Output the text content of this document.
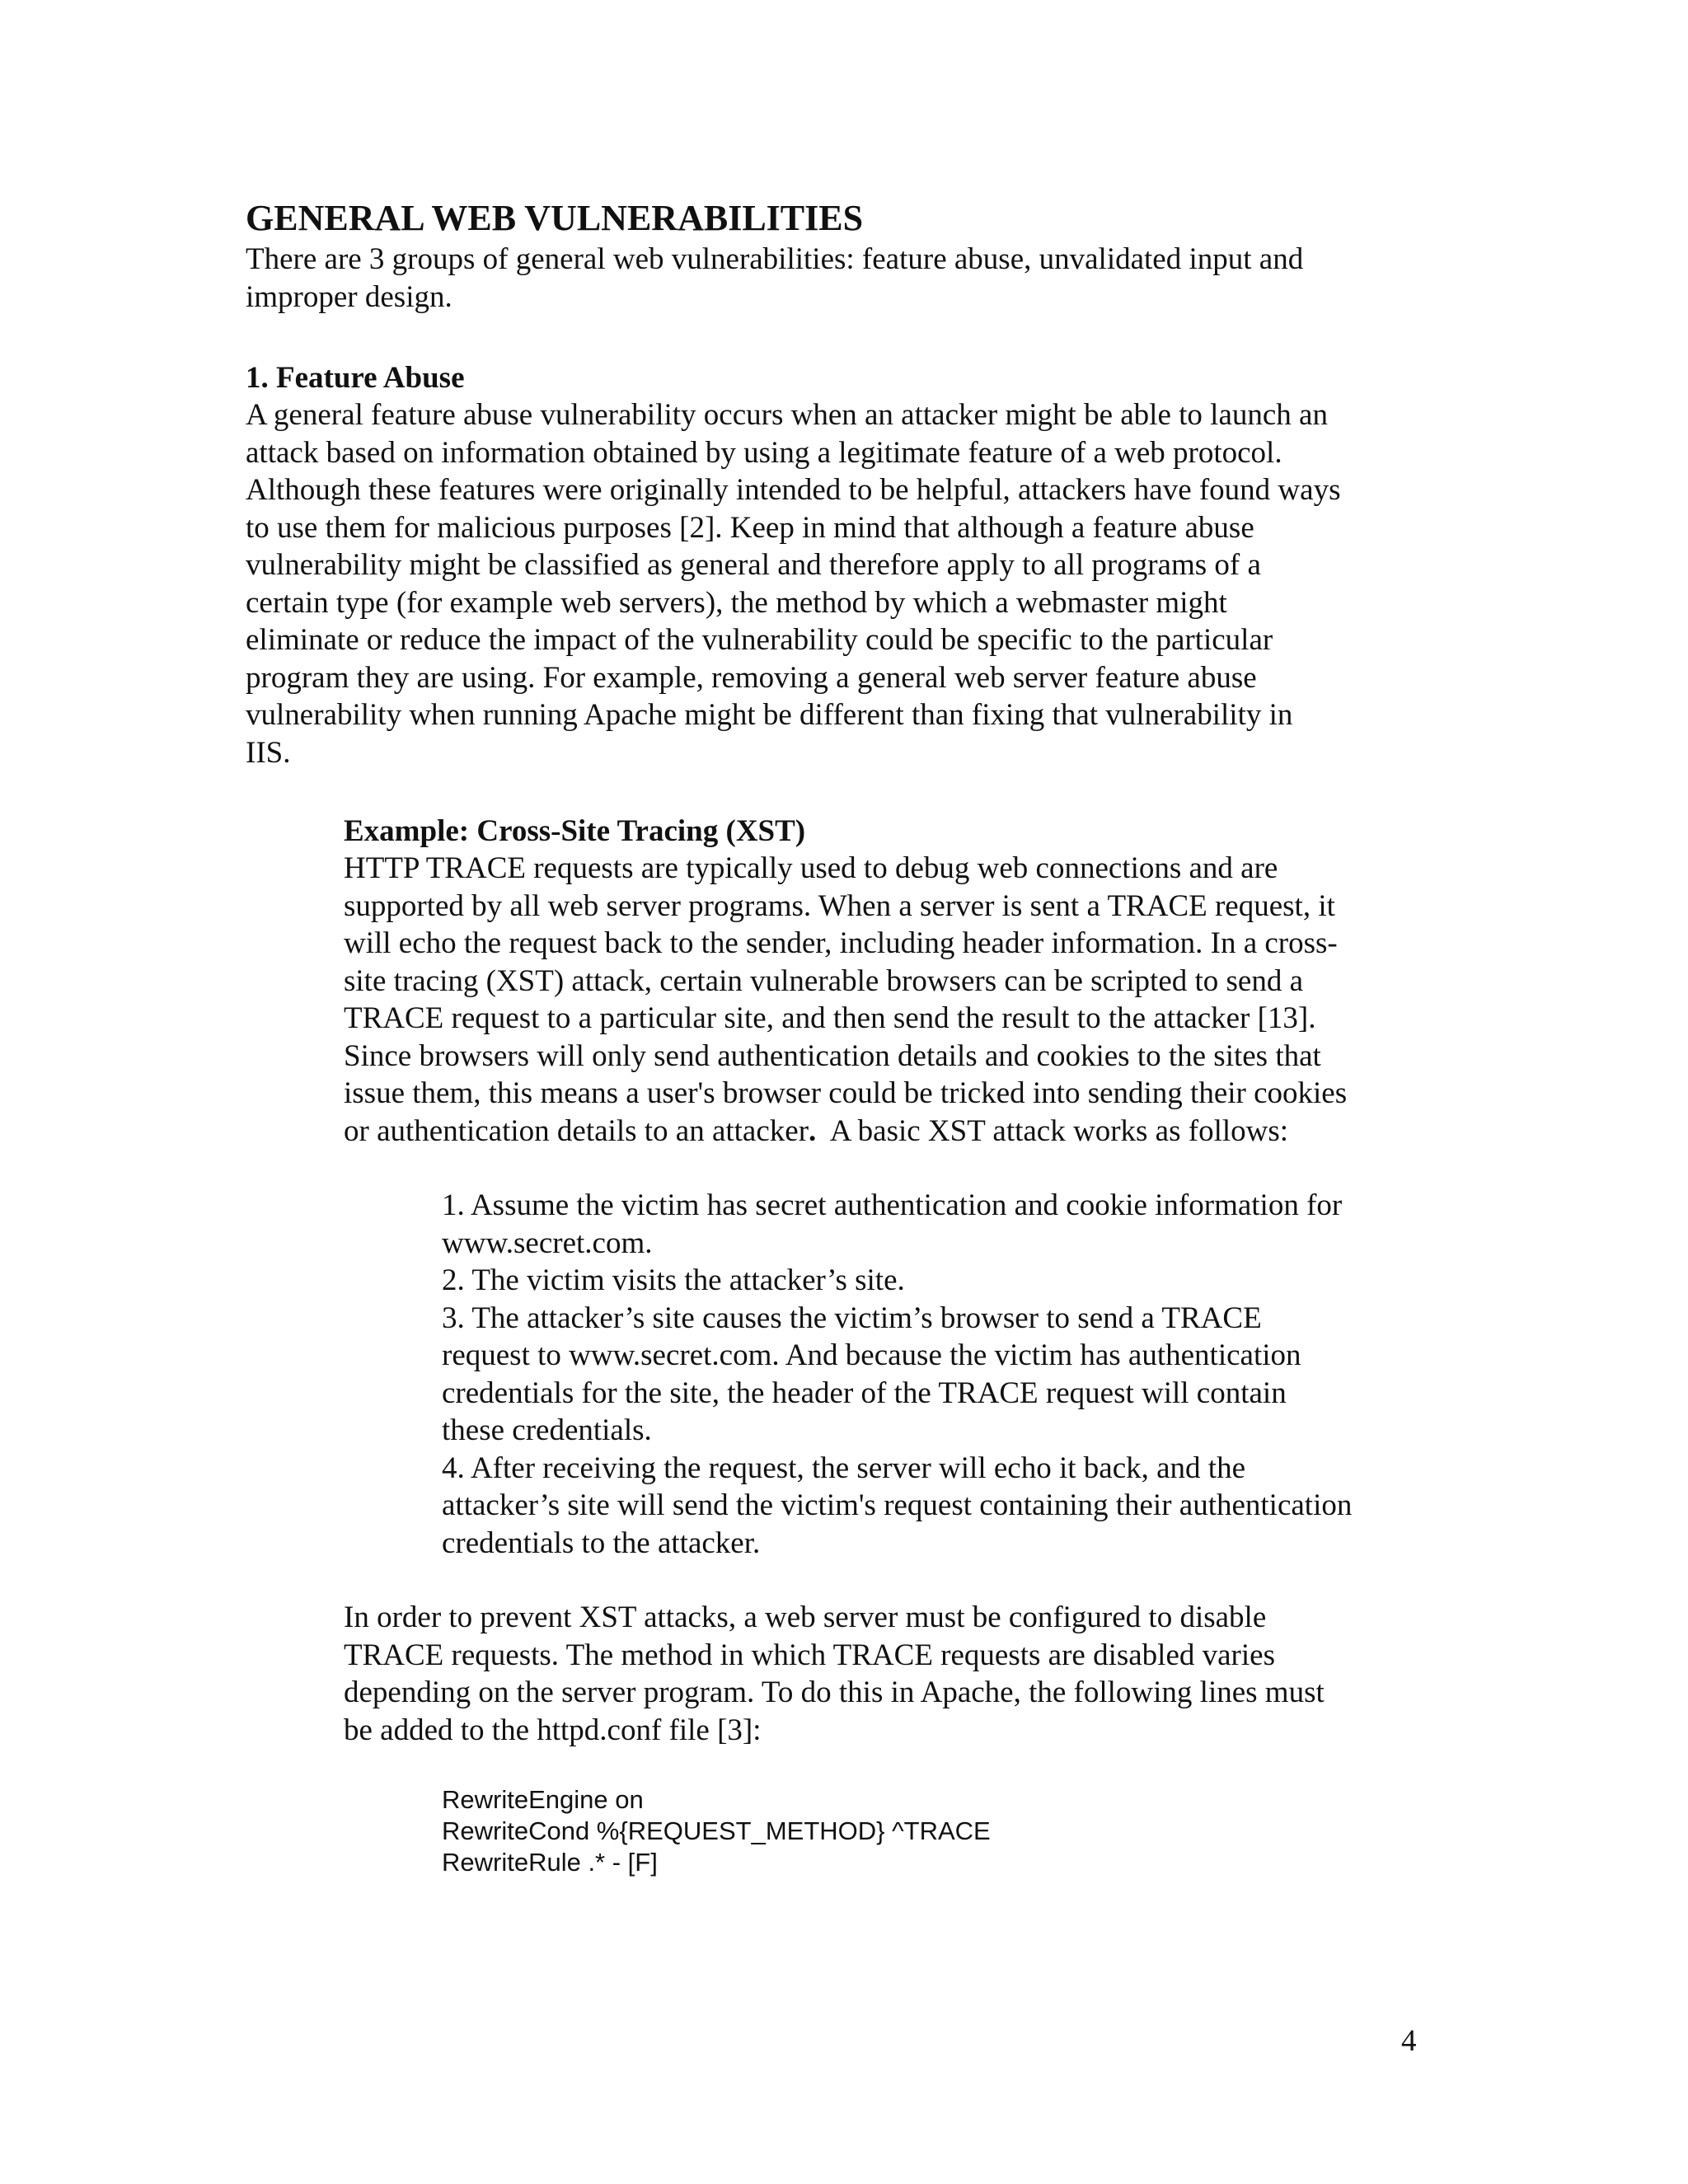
GENERAL WEB VULNERABILITIES

There are 3 groups of general web vulnerabilities: feature abuse, unvalidated input and
improper design.

1. Feature Abuse

A general feature abuse vulnerability occurs when an attacker might be able to launch an
attack based on information obtained by using a legitimate feature of a web protocol.
Although these features were originally intended to be helpful, attackers have found ways
to use them for malicious purposes [2]. Keep in mind that although a feature abuse
vulnerability might be classified as general and therefore apply to all programs of a
certain type (for example web servers), the method by which a webmaster might
eliminate or reduce the impact of the vulnerability could be specific to the particular
program they are using. For example, removing a general web server feature abuse
vulnerability when running Apache might be different than fixing that vulnerability in
IIS.

Example: Cross-Site Tracing (XST)

HTTP TRACE requests are typically used to debug web connections and are
supported by all web server programs. When a server is sent a TRACE request, it
will echo the request back to the sender, including header information. In a cross-
site tracing (XST) attack, certain vulnerable browsers can be scripted to send a
TRACE request to a particular site, and then send the result to the attacker [13].
Since browsers will only send authentication details and cookies to the sites that
issue them, this means a user's browser could be tricked into sending their cookies
or authentication details to an attacker.  A basic XST attack works as follows:

1. Assume the victim has secret authentication and cookie information for
www.secret.com.
2. The victim visits the attacker’s site.
3. The attacker’s site causes the victim’s browser to send a TRACE
request to www.secret.com. And because the victim has authentication
credentials for the site, the header of the TRACE request will contain
these credentials.
4. After receiving the request, the server will echo it back, and the
attacker’s site will send the victim's request containing their authentication
credentials to the attacker.

In order to prevent XST attacks, a web server must be configured to disable
TRACE requests. The method in which TRACE requests are disabled varies
depending on the server program. To do this in Apache, the following lines must
be added to the httpd.conf file [3]:

RewriteEngine on
RewriteCond %{REQUEST_METHOD} ^TRACE
RewriteRule .* - [F]
4
